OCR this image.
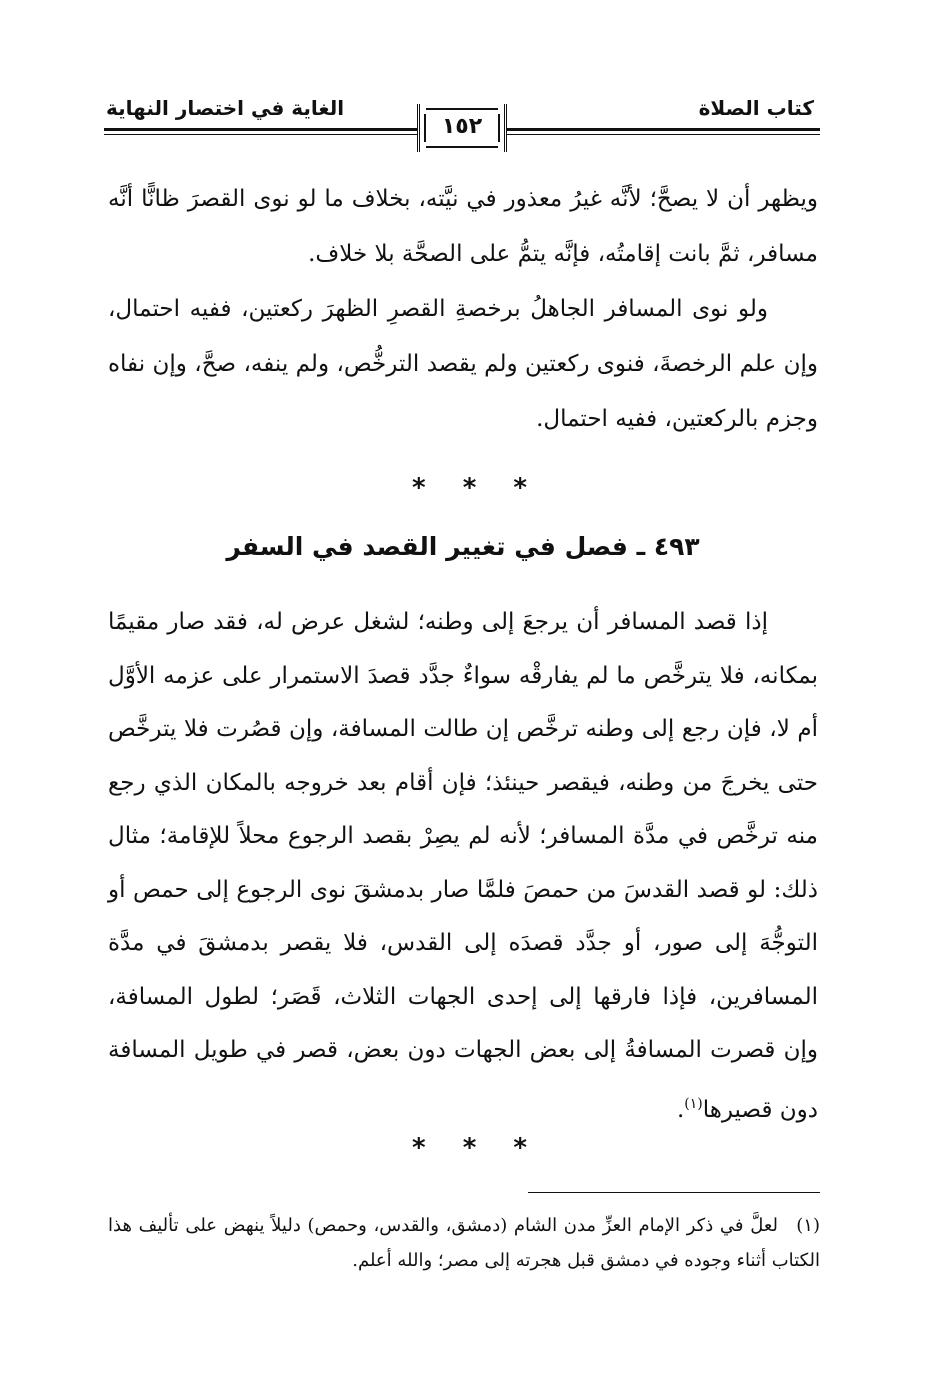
كتاب الصلاة
الغاية في اختصار النهاية
١٥٢

ويظهر أن لا يصحَّ؛ لأنَّه غيرُ معذور في نيَّته، بخلاف ما لو نوى القصرَ ظانًّا أنَّه مسافر، ثمَّ بانت إقامتُه، فإنَّه يتمُّ على الصحَّة بلا خلاف.

ولو نوى المسافر الجاهلُ برخصةِ القصرِ الظهرَ ركعتين، ففيه احتمال، وإن علم الرخصةَ، فنوى ركعتين ولم يقصد الترخُّص، ولم ينفه، صحَّ، وإن نفاه وجزم بالركعتين، ففيه احتمال.

* * *
٤٩٣ ـ فصل في تغيير القصد في السفر

إذا قصد المسافر أن يرجعَ إلى وطنه؛ لشغل عرض له، فقد صار مقيمًا بمكانه، فلا يترخَّص ما لم يفارقْه سواءٌ جدَّد قصدَ الاستمرار على عزمه الأوَّل أم لا، فإن رجع إلى وطنه ترخَّص إن طالت المسافة، وإن قصُرت فلا يترخَّص حتى يخرجَ من وطنه، فيقصر حينئذ؛ فإن أقام بعد خروجه بالمكان الذي رجع منه ترخَّص في مدَّة المسافر؛ لأنه لم يصِرْ بقصد الرجوع محلاً للإقامة؛ مثال ذلك: لو قصد القدسَ من حمصَ فلمَّا صار بدمشقَ نوى الرجوع إلى حمص أو التوجُّهَ إلى صور، أو جدَّد قصدَه إلى القدس، فلا يقصر بدمشقَ في مدَّة المسافرين، فإذا فارقها إلى إحدى الجهات الثلاث، قَصَر؛ لطول المسافة، وإن قصرت المسافةُ إلى بعض الجهات دون بعض، قصر في طويل المسافة دون قصيرها$^{(١)}$.

* * *
(١)لعلَّ في ذكر الإمام العزِّ مدن الشام (دمشق، والقدس، وحمص) دليلاً ينهض على تأليف هذا الكتاب أثناء وجوده في دمشق قبل هجرته إلى مصر؛ والله أعلم.
